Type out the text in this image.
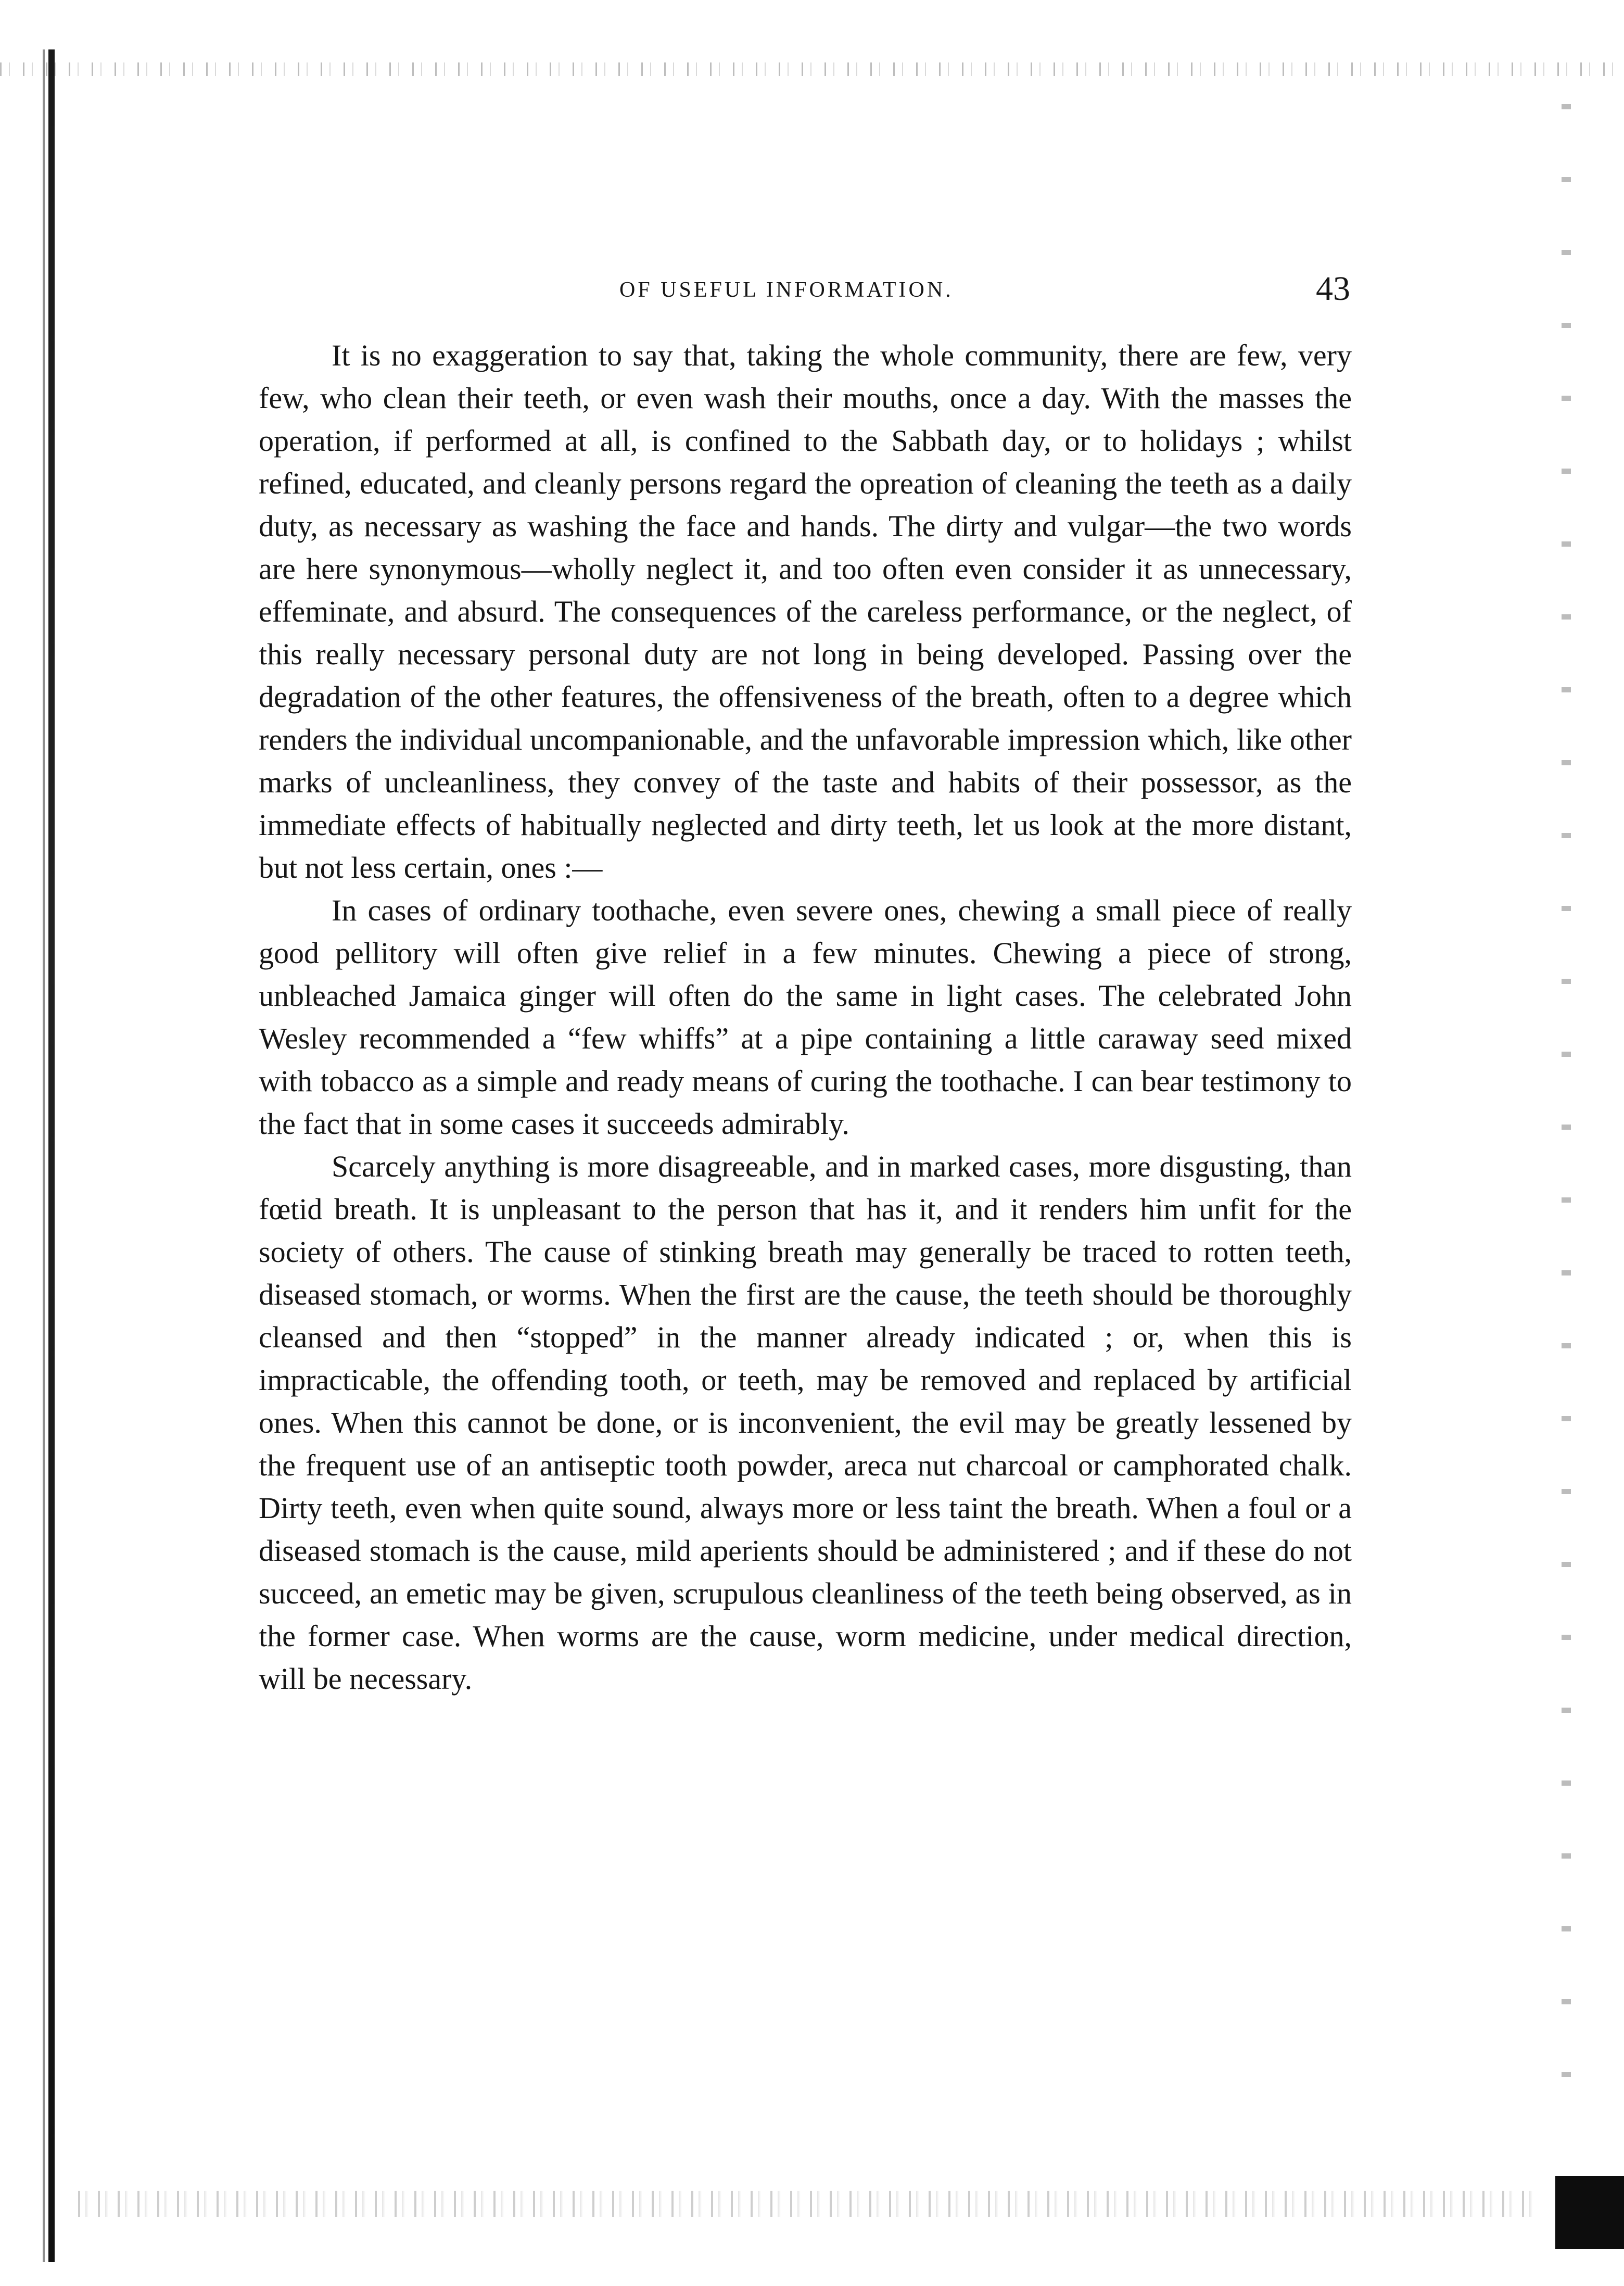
OF USEFUL INFORMATION.	43

It is no exaggeration to say that, taking the whole community, there are few, very few, who clean their teeth, or even wash their mouths, once a day. With the masses the operation, if performed at all, is confined to the Sabbath day, or to holidays ; whilst refined, educated, and cleanly persons regard the opreation of cleaning the teeth as a daily duty, as necessary as washing the face and hands. The dirty and vulgar—the two words are here synonymous—wholly neglect it, and too often even consider it as unnecessary, effeminate, and absurd. The consequences of the careless performance, or the neglect, of this really necessary personal duty are not long in being developed. Passing over the degradation of the other features, the offensiveness of the breath, often to a degree which renders the individual uncompanionable, and the unfavorable impression which, like other marks of uncleanliness, they convey of the taste and habits of their possessor, as the immediate effects of habitually neglected and dirty teeth, let us look at the more distant, but not less certain, ones :—

In cases of ordinary toothache, even severe ones, chewing a small piece of really good pellitory will often give relief in a few minutes. Chewing a piece of strong, unbleached Jamaica ginger will often do the same in light cases. The celebrated John Wesley recommended a “few whiffs” at a pipe containing a little caraway seed mixed with tobacco as a simple and ready means of curing the toothache. I can bear testimony to the fact that in some cases it succeeds admirably.

Scarcely anything is more disagreeable, and in marked cases, more disgusting, than fœtid breath. It is unpleasant to the person that has it, and it renders him unfit for the society of others. The cause of stinking breath may generally be traced to rotten teeth, diseased stomach, or worms. When the first are the cause, the teeth should be thoroughly cleansed and then “stopped” in the manner already indicated ; or, when this is impracticable, the offending tooth, or teeth, may be removed and replaced by artificial ones. When this cannot be done, or is inconvenient, the evil may be greatly lessened by the frequent use of an antiseptic tooth powder, areca nut charcoal or camphorated chalk. Dirty teeth, even when quite sound, always more or less taint the breath. When a foul or a diseased stomach is the cause, mild aperients should be administered ; and if these do not succeed, an emetic may be given, scrupulous cleanliness of the teeth being observed, as in the former case. When worms are the cause, worm medicine, under medical direction, will be necessary.
